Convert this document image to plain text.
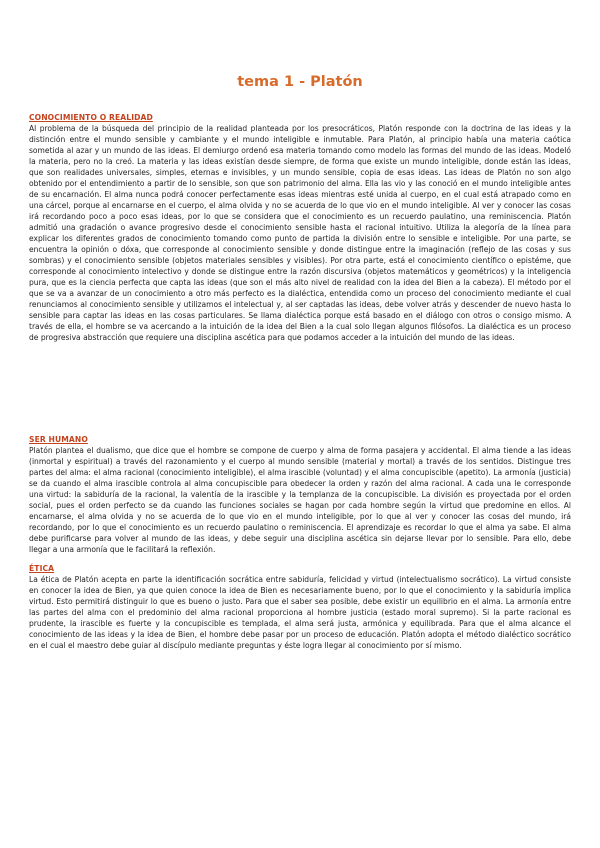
tema 1 - Platón
CONOCIMIENTO O REALIDAD

Al problema de la búsqueda del principio de la realidad planteada por los presocráticos, Platón responde con la doctrina de las ideas y la distinción entre el mundo sensible y cambiante y el mundo inteligible e inmutable. Para Platón, al principio había una materia caótica sometida al azar y un mundo de las ideas. El demiurgo ordenó esa materia tomando como modelo las formas del mundo de las ideas. Modeló la materia, pero no la creó. La materia y las ideas existían desde siempre, de forma que existe un mundo inteligible, donde están las ideas, que son realidades universales, simples, eternas e invisibles, y un mundo sensible, copia de esas ideas. Las ideas de Platón no son algo obtenido por el entendimiento a partir de lo sensible, son que son patrimonio del alma. Ella las vio y las conoció en el mundo inteligible antes de su encarnación. El alma nunca podrá conocer perfectamente esas ideas mientras esté unida al cuerpo, en el cual está atrapado como en una cárcel, porque al encarnarse en el cuerpo, el alma olvida y no se acuerda de lo que vio en el mundo inteligible. Al ver y conocer las cosas irá recordando poco a poco esas ideas, por lo que se considera que el conocimiento es un recuerdo paulatino, una reminiscencia. Platón admitió una gradación o avance progresivo desde el conocimiento sensible hasta el racional intuitivo. Utiliza la alegoría de la línea para explicar los diferentes grados de conocimiento tomando como punto de partida la división entre lo sensible e inteligible. Por una parte, se encuentra la opinión o dóxa, que corresponde al conocimiento sensible y donde distingue entre la imaginación (reflejo de las cosas y sus sombras) y el conocimiento sensible (objetos materiales sensibles y visibles). Por otra parte, está el conocimiento científico o epistéme, que corresponde al conocimiento intelectivo y donde se distingue entre la razón discursiva (objetos matemáticos y geométricos) y la inteligencia pura, que es la ciencia perfecta que capta las ideas (que son el más alto nivel de realidad con la idea del Bien a la cabeza). El método por el que se va a avanzar de un conocimiento a otro más perfecto es la dialéctica, entendida como un proceso del conocimiento mediante el cual renunciamos al conocimiento sensible y utilizamos el intelectual y, al ser captadas las ideas, debe volver atrás y descender de nuevo hasta lo sensible para captar las ideas en las cosas particulares. Se llama dialéctica porque está basado en el diálogo con otros o consigo mismo. A través de ella, el hombre se va acercando a la intuición de la idea del Bien a la cual solo llegan algunos filósofos. La dialéctica es un proceso de progresiva abstracción que requiere una disciplina ascética para que podamos acceder a la intuición del mundo de las ideas.

SER HUMANO

Platón plantea el dualismo, que dice que el hombre se compone de cuerpo y alma de forma pasajera y accidental. El alma tiende a las ideas (inmortal y espiritual) a través del razonamiento y el cuerpo al mundo sensible (material y mortal) a través de los sentidos. Distingue tres partes del alma: el alma racional (conocimiento inteligible), el alma irascible (voluntad) y el alma concupiscible (apetito). La armonía (justicia) se da cuando el alma irascible controla al alma concupiscible para obedecer la orden y razón del alma racional. A cada una le corresponde una virtud: la sabiduría de la racional, la valentía de la irascible y la templanza de la concupiscible. La división es proyectada por el orden social, pues el orden perfecto se da cuando las funciones sociales se hagan por cada hombre según la virtud que predomine en ellos. Al encarnarse, el alma olvida y no se acuerda de lo que vio en el mundo inteligible, por lo que al ver y conocer las cosas del mundo, irá recordando, por lo que el conocimiento es un recuerdo paulatino o reminiscencia. El aprendizaje es recordar lo que el alma ya sabe. El alma debe purificarse para volver al mundo de las ideas, y debe seguir una disciplina ascética sin dejarse llevar por lo sensible. Para ello, debe llegar a una armonía que le facilitará la reflexión.

ÉTICA

La ética de Platón acepta en parte la identificación socrática entre sabiduría, felicidad y virtud (intelectualismo socrático). La virtud consiste en conocer la idea de Bien, ya que quien conoce la idea de Bien es necesariamente bueno, por lo que el conocimiento y la sabiduría implica virtud. Esto permitirá distinguir lo que es bueno o justo. Para que el saber sea posible, debe existir un equilibrio en el alma. La armonía entre las partes del alma con el predominio del alma racional proporciona al hombre justicia (estado moral supremo). Si la parte racional es prudente, la irascible es fuerte y la concupiscible es templada, el alma será justa, armónica y equilibrada. Para que el alma alcance el conocimiento de las ideas y la idea de Bien, el hombre debe pasar por un proceso de educación. Platón adopta el método dialéctico socrático en el cual el maestro debe guiar al discípulo mediante preguntas y éste logra llegar al conocimiento por sí mismo.
